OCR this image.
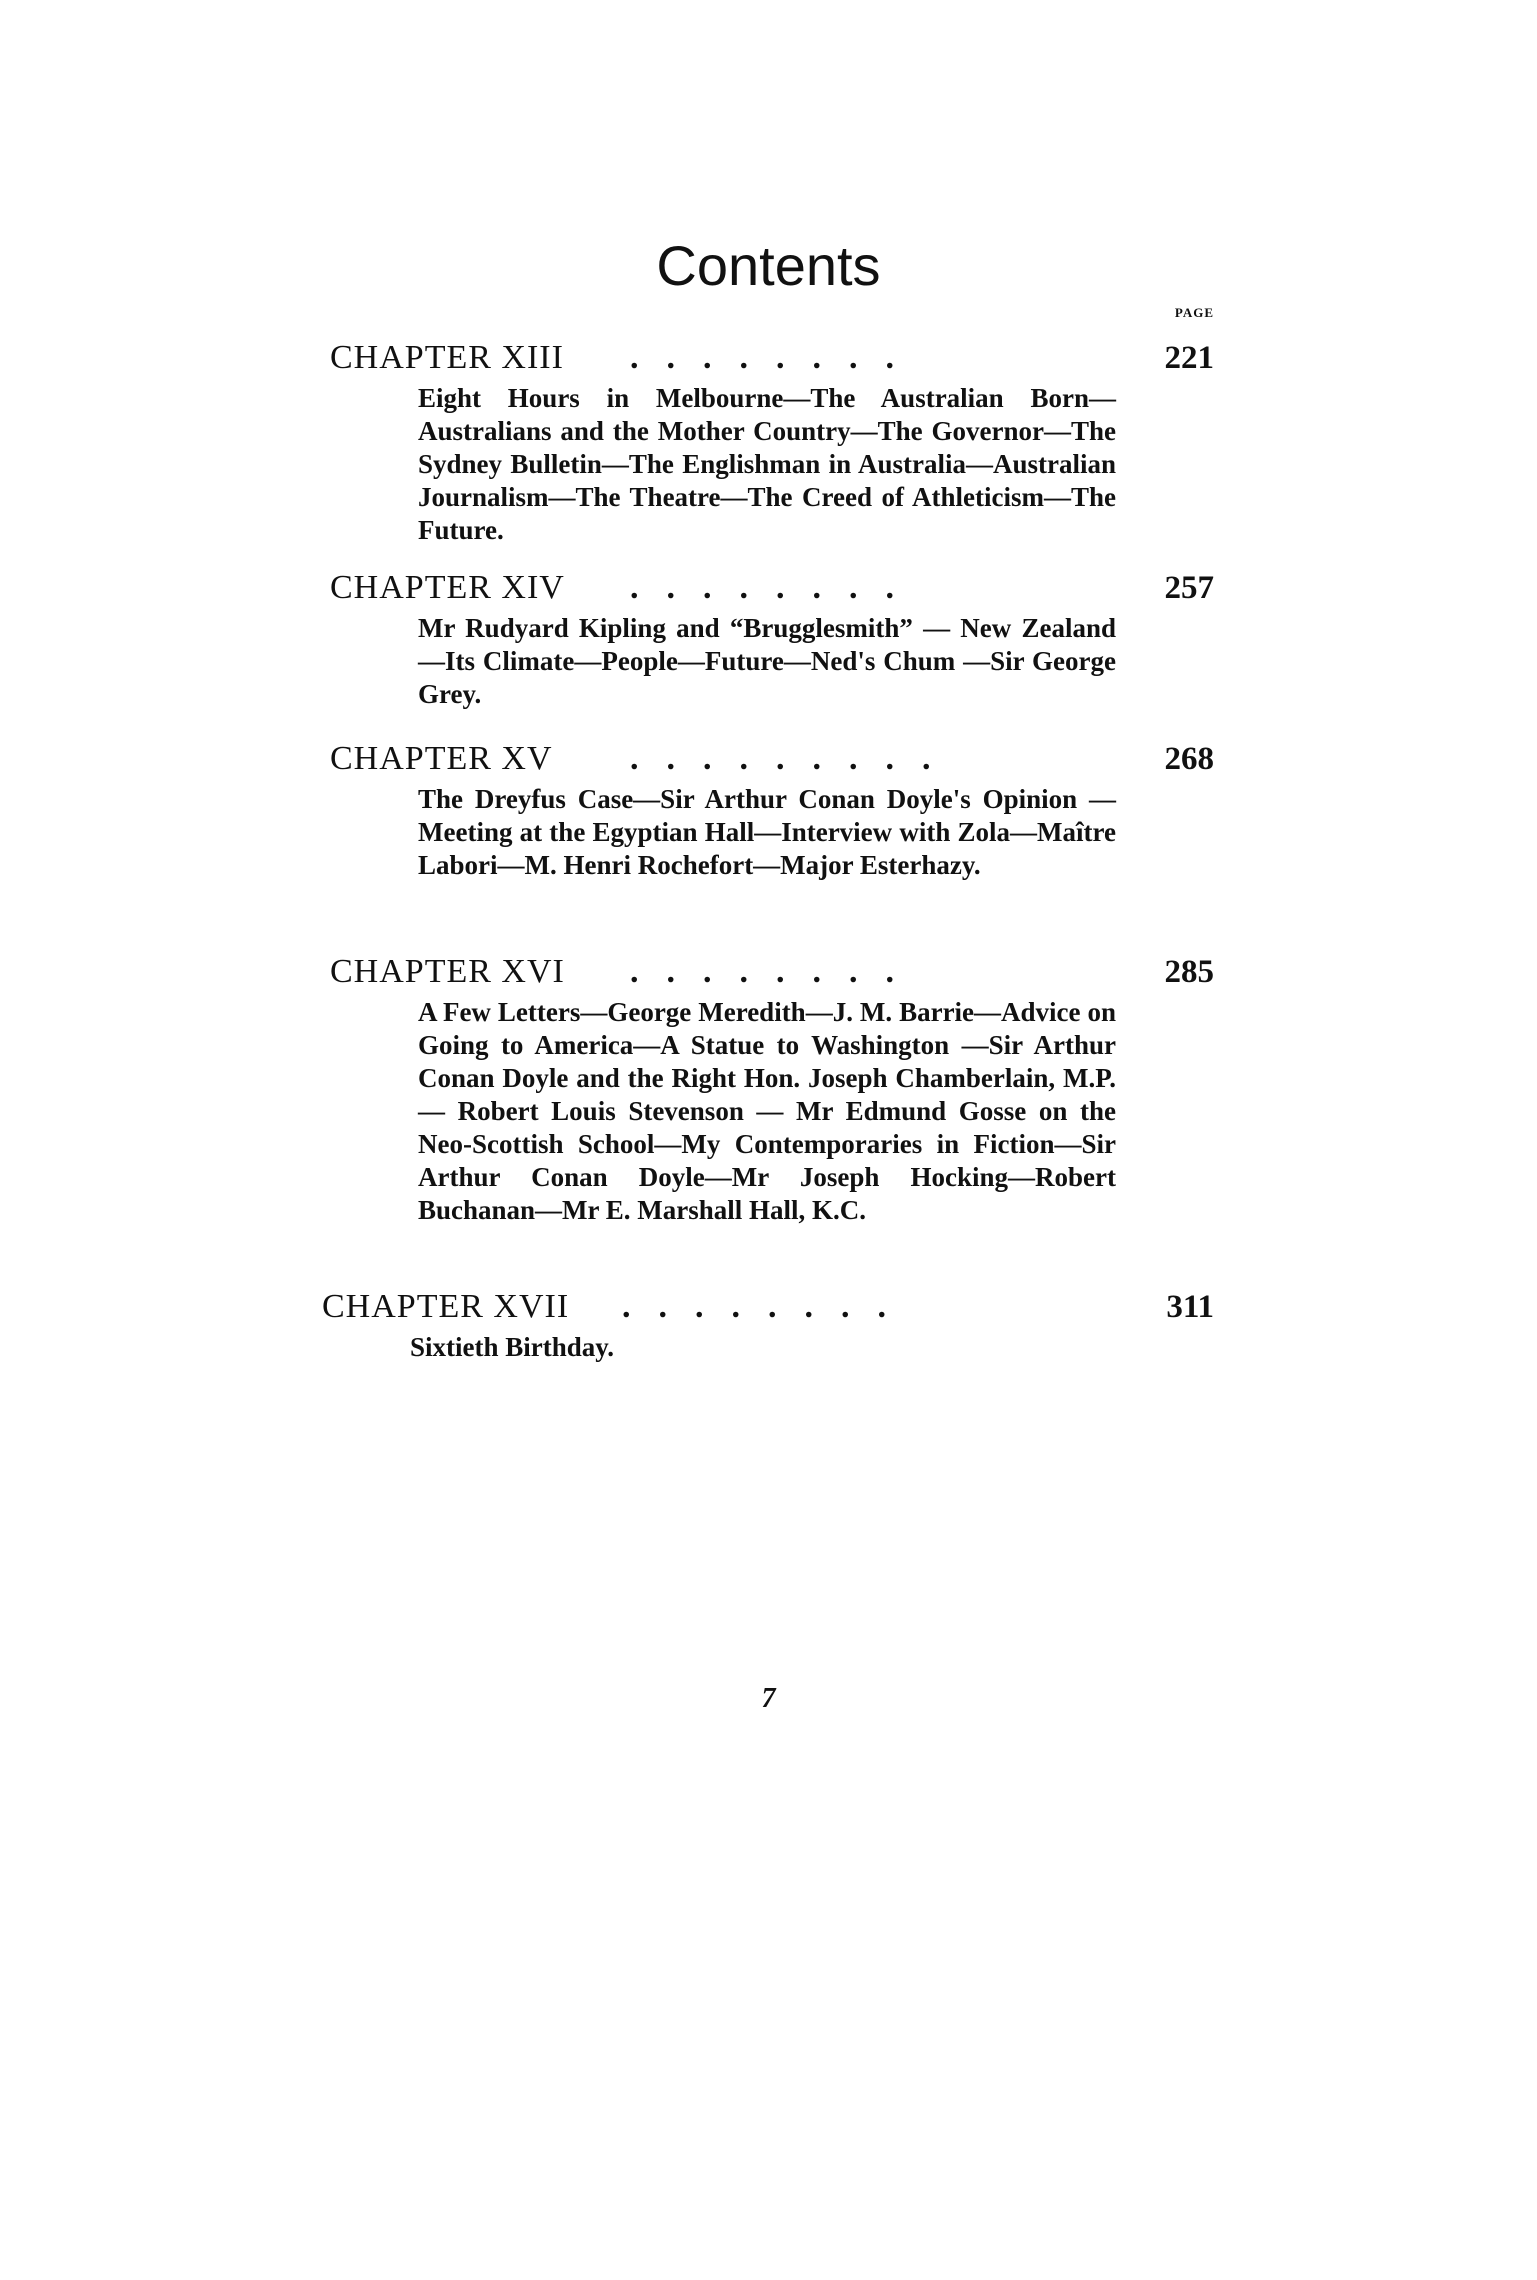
Contents
PAGE
........
CHAPTER XIII	221
Eight Hours in Melbourne—The Australian Born—Australians and the Mother Country—The Governor—The Sydney Bulletin—The Englishman in Australia—Australian Journalism—The Theatre—The Creed of Athleticism—The Future.
........
CHAPTER XIV	257
Mr Rudyard Kipling and “Brugglesmith” — New Zealand—Its Climate—People—Future—Ned's Chum —Sir George Grey.
.........
CHAPTER XV	268
The Dreyfus Case—Sir Arthur Conan Doyle's Opinion —Meeting at the Egyptian Hall—Interview with Zola—Maître Labori—M. Henri Rochefort—Major Esterhazy.
........
CHAPTER XVI	285
A Few Letters—George Meredith—J. M. Barrie—Advice on Going to America—A Statue to Washington —Sir Arthur Conan Doyle and the Right Hon. Joseph Chamberlain, M.P. — Robert Louis Stevenson — Mr Edmund Gosse on the Neo-Scottish School—My Contemporaries in Fiction—Sir Arthur Conan Doyle—Mr Joseph Hocking—Robert Buchanan—Mr E. Marshall Hall, K.C.
........
CHAPTER XVII	311
Sixtieth Birthday.
7
